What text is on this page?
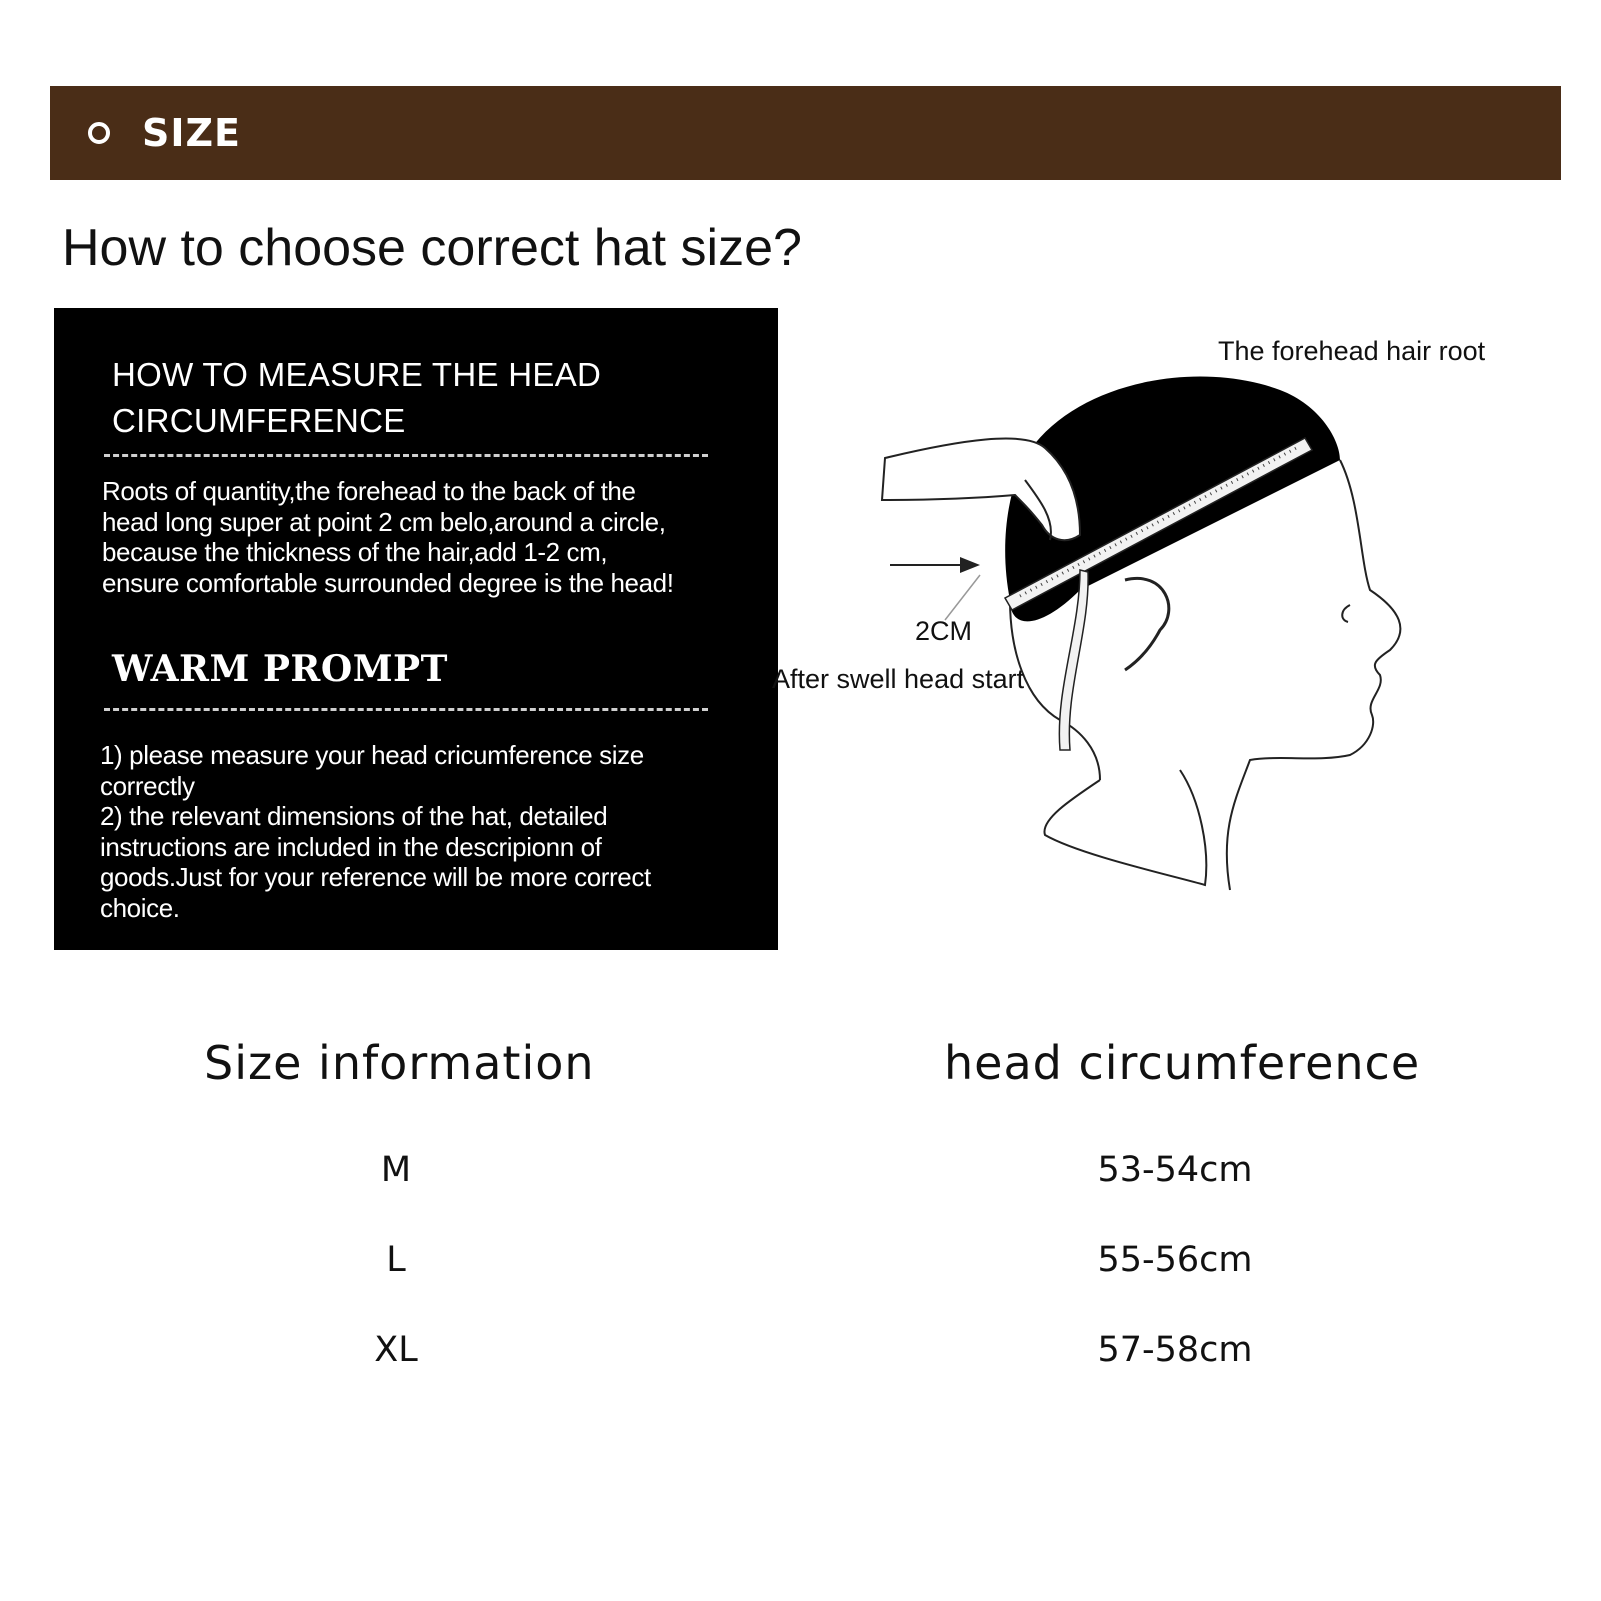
SIZE
How to choose correct hat size?
HOW TO MEASURE THE HEAD
CIRCUMFERENCE
Roots of quantity,the forehead to the back of the
head long super at point 2 cm belo,around a circle,
because the thickness of the hair,add 1-2 cm,
ensure comfortable surrounded degree is the head!
WARM PROMPT
1) please measure your head cricumference size
correctly
2) the relevant dimensions of the hat, detailed
instructions are included in the descripionn of
goods.Just for your reference will be more correct
choice.
The forehead hair root
2CM
After swell head start
Size information	head circumference
M	53-54cm
L	55-56cm
XL	57-58cm
